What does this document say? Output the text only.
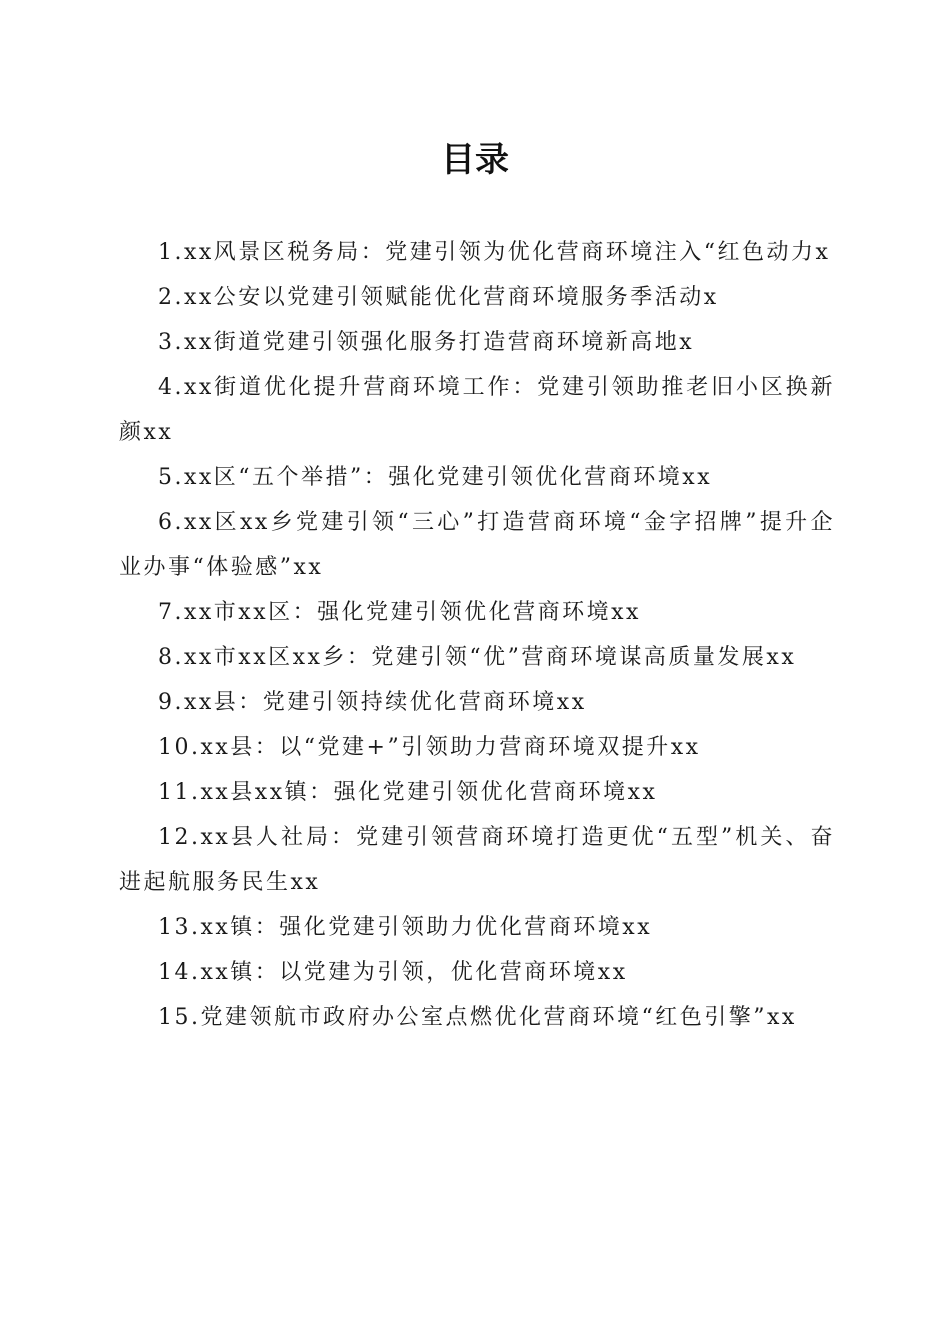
目录
1.xx风景区税务局：党建引领为优化营商环境注入“红色动力x
2.xx公安以党建引领赋能优化营商环境服务季活动x
3.xx街道党建引领强化服务打造营商环境新高地x
4.xx街道优化提升营商环境工作：党建引领助推老旧小区换新颜xx
5.xx区“五个举措”：强化党建引领优化营商环境xx
6.xx区xx乡党建引领“三心”打造营商环境“金字招牌”提升企业办事“体验感”xx
7.xx市xx区：强化党建引领优化营商环境xx
8.xx市xx区xx乡：党建引领“优”营商环境谋高质量发展xx
9.xx县：党建引领持续优化营商环境xx
10.xx县：以“党建+”引领助力营商环境双提升xx
11.xx县xx镇：强化党建引领优化营商环境xx
12.xx县人社局：党建引领营商环境打造更优“五型”机关、奋进起航服务民生xx
13.xx镇：强化党建引领助力优化营商环境xx
14.xx镇：以党建为引领，优化营商环境xx
15.党建领航市政府办公室点燃优化营商环境“红色引擎”xx
